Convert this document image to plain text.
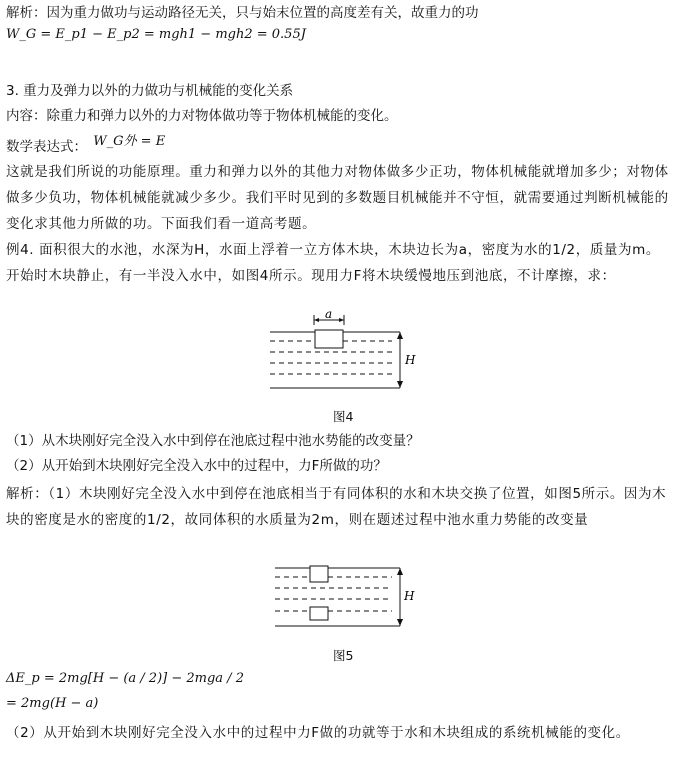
解析：因为重力做功与运动路径无关，只与始末位置的高度差有关，故重力的功
W_G = E_p1 − E_p2 = mgh1 − mgh2 = 0.55J
3. 重力及弹力以外的力做功与机械能的变化关系
内容：除重力和弹力以外的力对物体做功等于物体机械能的变化。
数学表达式： W_G外 = E
这就是我们所说的功能原理。重力和弹力以外的其他力对物体做多少正功，物体机械能就增加多少；对物体做多少负功，物体机械能就减少多少。我们平时见到的多数题目机械能并不守恒，就需要通过判断机械能的变化求其他力所做的功。下面我们看一道高考题。
例4. 面积很大的水池，水深为H，水面上浮着一立方体木块，木块边长为a，密度为水的1/2，质量为m。开始时木块静止，有一半没入水中，如图4所示。现用力F将木块缓慢地压到池底，不计摩擦，求：
a
H
图4
（1）从木块刚好完全没入水中到停在池底过程中池水势能的改变量？
（2）从开始到木块刚好完全没入水中的过程中，力F所做的功？
解析：（1）木块刚好完全没入水中到停在池底相当于有同体积的水和木块交换了位置，如图5所示。因为木块的密度是水的密度的1/2，故同体积的水质量为2m，则在题述过程中池水重力势能的改变量
H
图5
ΔE_p = 2mg[H − (a / 2)] − 2mga / 2
= 2mg(H − a)
（2）从开始到木块刚好完全没入水中的过程中力F做的功就等于水和木块组成的系统机械能的变化。
